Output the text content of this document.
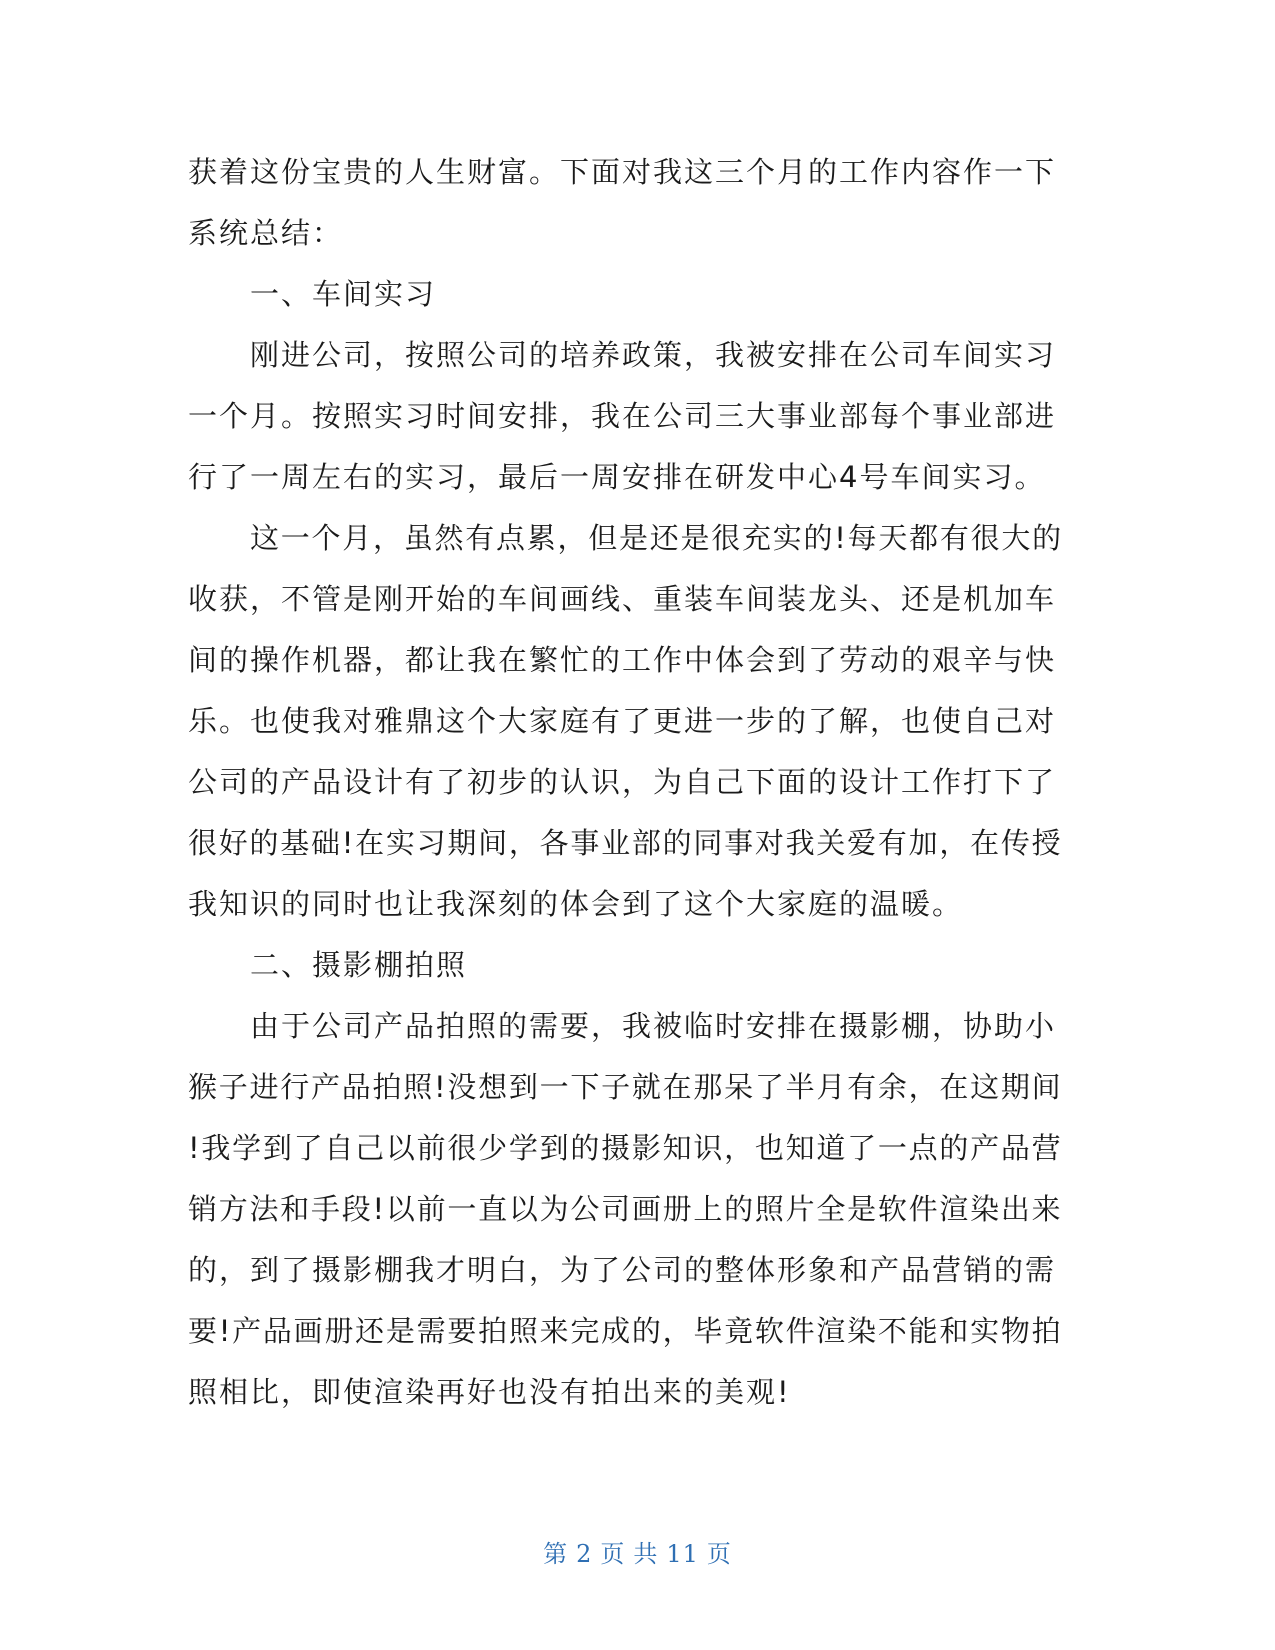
获着这份宝贵的人生财富。下面对我这三个月的工作内容作一下
系统总结：
一、车间实习
刚进公司，按照公司的培养政策，我被安排在公司车间实习
一个月。按照实习时间安排，我在公司三大事业部每个事业部进
行了一周左右的实习，最后一周安排在研发中心4号车间实习。
这一个月，虽然有点累，但是还是很充实的!每天都有很大的
收获，不管是刚开始的车间画线、重装车间装龙头、还是机加车
间的操作机器，都让我在繁忙的工作中体会到了劳动的艰辛与快
乐。也使我对雅鼎这个大家庭有了更进一步的了解，也使自己对
公司的产品设计有了初步的认识，为自己下面的设计工作打下了
很好的基础!在实习期间，各事业部的同事对我关爱有加，在传授
我知识的同时也让我深刻的体会到了这个大家庭的温暖。
二、摄影棚拍照
由于公司产品拍照的需要，我被临时安排在摄影棚，协助小
猴子进行产品拍照!没想到一下子就在那呆了半月有余，在这期间
!我学到了自己以前很少学到的摄影知识，也知道了一点的产品营
销方法和手段!以前一直以为公司画册上的照片全是软件渲染出来
的，到了摄影棚我才明白，为了公司的整体形象和产品营销的需
要!产品画册还是需要拍照来完成的，毕竟软件渲染不能和实物拍
照相比，即使渲染再好也没有拍出来的美观!
第 2 页 共 11 页
